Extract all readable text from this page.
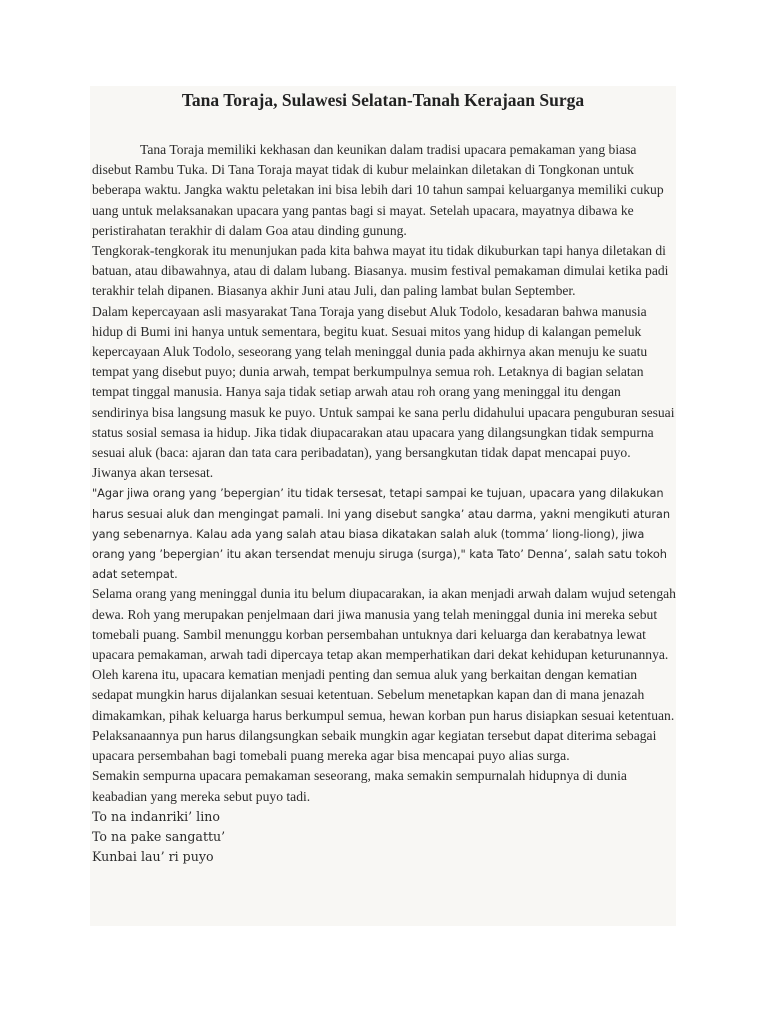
Tana Toraja, Sulawesi Selatan-Tanah Kerajaan Surga

Tana Toraja memiliki kekhasan dan keunikan dalam tradisi upacara pemakaman yang biasa disebut Rambu Tuka. Di Tana Toraja mayat tidak di kubur melainkan diletakan di Tongkonan untuk beberapa waktu. Jangka waktu peletakan ini bisa lebih dari 10 tahun sampai keluarganya memiliki cukup uang untuk melaksanakan upacara yang pantas bagi si mayat. Setelah upacara, mayatnya dibawa ke peristirahatan terakhir di dalam Goa atau dinding gunung.

Tengkorak-tengkorak itu menunjukan pada kita bahwa mayat itu tidak dikuburkan tapi hanya diletakan di batuan, atau dibawahnya, atau di dalam lubang. Biasanya. musim festival pemakaman dimulai ketika padi terakhir telah dipanen. Biasanya akhir Juni atau Juli, dan paling lambat bulan September.

Dalam kepercayaan asli masyarakat Tana Toraja yang disebut Aluk Todolo, kesadaran bahwa manusia hidup di Bumi ini hanya untuk sementara, begitu kuat. Sesuai mitos yang hidup di kalangan pemeluk kepercayaan Aluk Todolo, seseorang yang telah meninggal dunia pada akhirnya akan menuju ke suatu tempat yang disebut puyo; dunia arwah, tempat berkumpulnya semua roh. Letaknya di bagian selatan tempat tinggal manusia. Hanya saja tidak setiap arwah atau roh orang yang meninggal itu dengan sendirinya bisa langsung masuk ke puyo. Untuk sampai ke sana perlu didahului upacara penguburan sesuai status sosial semasa ia hidup. Jika tidak diupacarakan atau upacara yang dilangsungkan tidak sempurna sesuai aluk (baca: ajaran dan tata cara peribadatan), yang bersangkutan tidak dapat mencapai puyo. Jiwanya akan tersesat.

"Agar jiwa orang yang ’bepergian’ itu tidak tersesat, tetapi sampai ke tujuan, upacara yang dilakukan harus sesuai aluk dan mengingat pamali. Ini yang disebut sangka’ atau darma, yakni mengikuti aturan yang sebenarnya. Kalau ada yang salah atau biasa dikatakan salah aluk (tomma’ liong-liong), jiwa orang yang ’bepergian’ itu akan tersendat menuju siruga (surga)," kata Tato’ Denna’, salah satu tokoh adat setempat.

Selama orang yang meninggal dunia itu belum diupacarakan, ia akan menjadi arwah dalam wujud setengah dewa. Roh yang merupakan penjelmaan dari jiwa manusia yang telah meninggal dunia ini mereka sebut tomebali puang. Sambil menunggu korban persembahan untuknya dari keluarga dan kerabatnya lewat upacara pemakaman, arwah tadi dipercaya tetap akan memperhatikan dari dekat kehidupan keturunannya.

Oleh karena itu, upacara kematian menjadi penting dan semua aluk yang berkaitan dengan kematian sedapat mungkin harus dijalankan sesuai ketentuan. Sebelum menetapkan kapan dan di mana jenazah dimakamkan, pihak keluarga harus berkumpul semua, hewan korban pun harus disiapkan sesuai ketentuan. Pelaksanaannya pun harus dilangsungkan sebaik mungkin agar kegiatan tersebut dapat diterima sebagai upacara persembahan bagi tomebali puang mereka agar bisa mencapai puyo alias surga.

Semakin sempurna upacara pemakaman seseorang, maka semakin sempurnalah hidupnya di dunia keabadian yang mereka sebut puyo tadi.

To na indanriki’ lino

To na pake sangattu’

Kunbai lau’ ri puyo
